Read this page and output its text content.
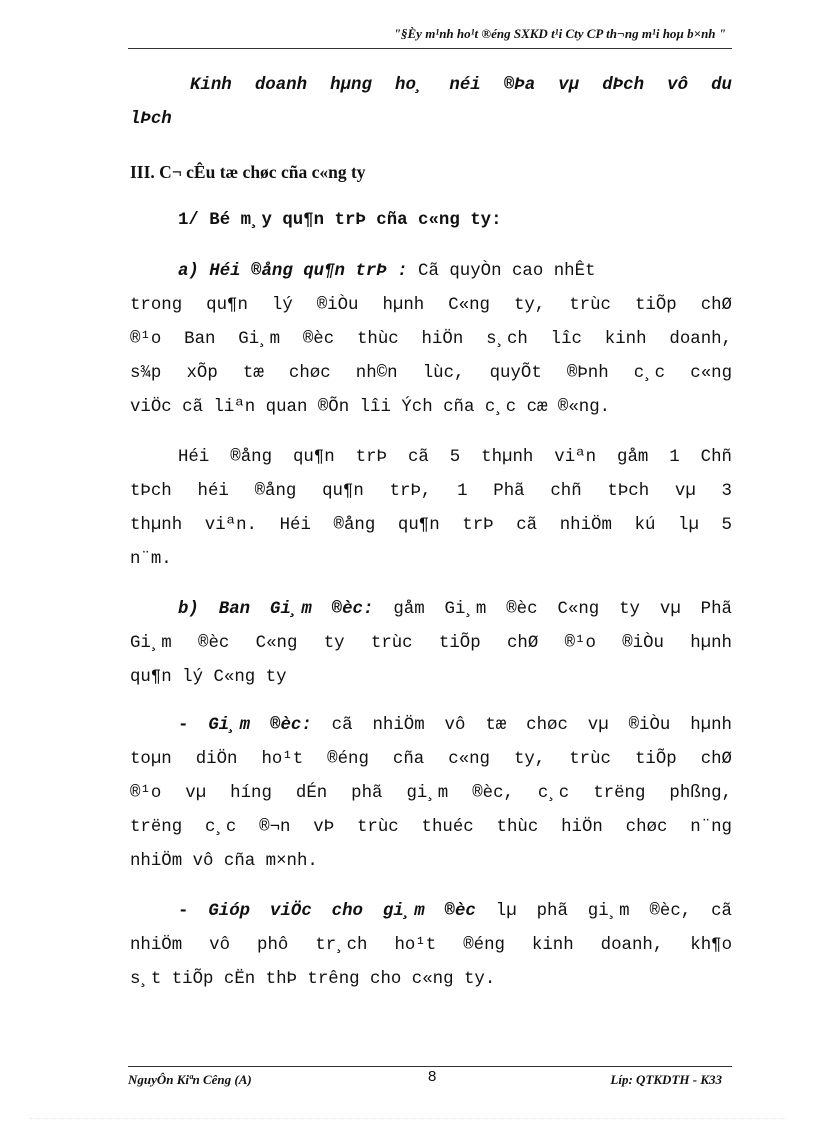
"§Èy m¹nh ho¹t ®éng SXKD t¹i Cty CP th¬ng m¹i hoµ b×nh "
Kinh doanh hµng ho¸ néi ®Þa vµ dÞch vô du
lÞch
III. C¬ cÊu tæ chøc cña c«ng ty
1/ Bé m¸y qu¶n trÞ cña c«ng ty:
a) Héi ®ång qu¶n trÞ : Cã quyÒn cao nhÊt
trong qu¶n lý ®iÒu hµnh C«ng ty, trùc tiÕp chØ
®¹o Ban Gi¸m ®èc thùc hiÖn s¸ch lîc kinh doanh,
s¾p xÕp tæ chøc nh©n lùc, quyÕt ®Þnh c¸c c«ng
viÖc cã liªn quan ®Õn lîi Ých cña c¸c cæ ®«ng.
Héi ®ång qu¶n trÞ cã 5 thµnh viªn gåm 1 Chñ
tÞch héi ®ång qu¶n trÞ, 1 Phã chñ tÞch vµ 3
thµnh viªn. Héi ®ång qu¶n trÞ cã nhiÖm kú lµ 5
n¨m.
b) Ban Gi¸m ®èc: gåm Gi¸m ®èc C«ng ty vµ Phã
Gi¸m ®èc C«ng ty trùc tiÕp chØ ®¹o ®iÒu hµnh
qu¶n lý C«ng ty
- Gi¸m ®èc: cã nhiÖm vô tæ chøc vµ ®iÒu hµnh
toµn diÖn ho¹t ®éng cña c«ng ty, trùc tiÕp chØ
®¹o vµ híng dÉn phã gi¸m ®èc, c¸c trëng phßng,
trëng c¸c ®¬n vÞ trùc thuéc thùc hiÖn chøc n¨ng
nhiÖm vô cña m×nh.
- Gióp viÖc cho gi¸m ®èc lµ phã gi¸m ®èc, cã
nhiÖm vô phô tr¸ch ho¹t ®éng kinh doanh, kh¶o
s¸t tiÕp cËn thÞ trêng cho c«ng ty.
NguyÔn Kiªn Cêng (A)	8	Líp: QTKDTH - K33
